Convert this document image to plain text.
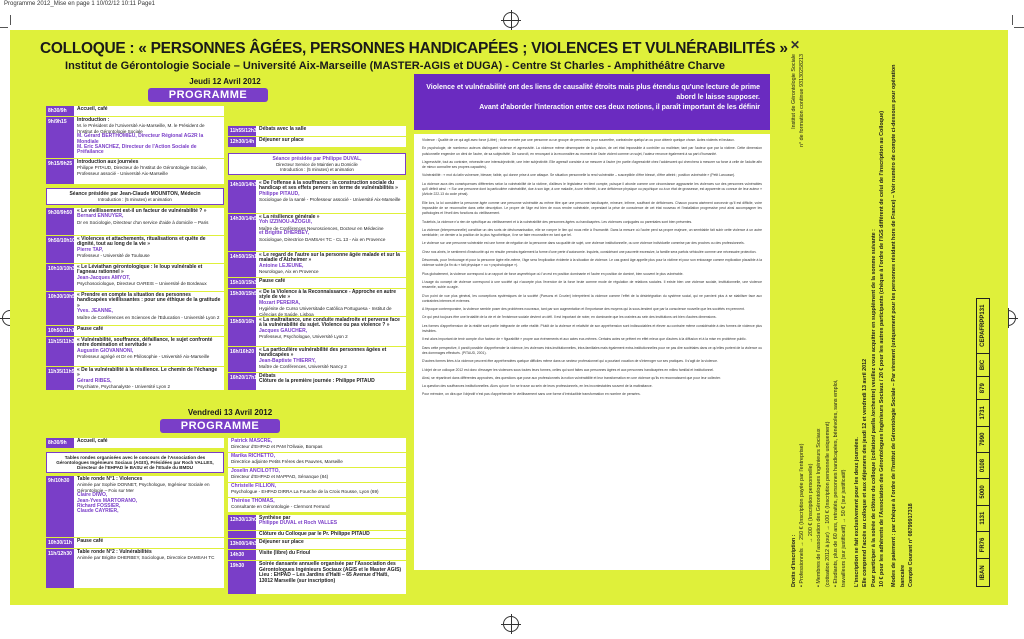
Programme 2012_Mise en page 1 10/02/12 10:11 Page1
COLLOQUE : « PERSONNES ÂGÉES, PERSONNES HANDICAPÉES ; VIOLENCES ET VULNÉRABILITÉS »
Institut de Gérontologie Sociale – Université Aix-Marseille (MASTER-AGIS et DUGA) - Centre St Charles - Amphithéâtre Charve
✕
Jeudi 12 Avril 2012
PROGRAMME
8h30/9h	Accueil, café
9h/9h15	Introduction :
M. le Président de l'Université Aix-Marseille, M. le Président de l'Institut de Gérontologie Sociale
M. Gérard BERTHOMIEU, Directeur Régional AG2R la Mondiale
M. Eric SANCHEZ, Directeur de l'Action Sociale de Préfailance
9h15/9h25 Introduction aux journées
Philippe PITAUD, Directeur de l'Institut de Gérontologie Sociale, Professeur associé - Université Aix-Marseille
Séance présidée par Jean-Claude MOUNITON, Médecin
Introduction : (5 minutes) et animation
9h30/9h50 « Le vieillissement est-il un facteur de vulnérabilité ? »
Bernard ENNUYER,
Dr en Sociologie, Directeur d'un service d'aide à domicile – Paris
9h50/10h10 « Violences et attachements, ritualisations et quête de dignité, tout au long de la vie »
Pierre TAP,
Professeur - Université de Toulouse
10h10/10h30 « Le Léviathan gérontologique : le loup vulnérable et l'agneau rationnel »
Jean-Jacques AMYOT,
Psychosociologue, Directeur OAREIS – Université de Bordeaux
10h30/10h50 « Prendre en compte la situation des personnes handicapées vieillissantes : pour une éthique de la gratitude »
Yves. JEANNE,
Maître de Conférences en Sciences de l'Education - Université Lyon 2
10h50/11h15 Pause café
11h15/11h35 « Vulnérabilité, souffrance, défaillance, le sujet confronté entre domination et servitude »
Augustin GIOVANNONI,
Professeur agrégé et Dr en Philosophie - Université Aix-Marseille
11h35/11h55 « De la vulnérabilité à la résilience. Le chemin de l'échange »
Gérard RIBES,
Psychiatre, Psychanalyste - Université Lyon 2
11h55/12h30 Débats avec la salle
12h30/14h Déjeuner sur place
Séance présidée par Philippe DUVAL,
Directeur Service de Maintien au Domicile
Introduction : (5 minutes) et animation
14h10/14h30 « De l'offense à la souffrance : la construction sociale du handicap et ses effets pervers en terme de vulnérabilités »
Philippe PITAUD,
Sociologue de la santé - Professeur associé - Université Aix-Marseille
14h30/14h50 « La résilience générale »
Yoh IZZINOU-AZOGUI,
Maître de Conférences Neurosciences, Docteur en Médecine
et Brigitte DHERBEY,
Sociologue, Directrice DAMSAH TC - CL 13 - Aix en Provence
14h50/15h10 « Le regard de l'autre sur la personne âgée malade et sur la maladie d'Alzheimer »
Antoine LEJEUNE,
Neurologue, Aix en Provence
15h10/15h30 Pause café
15h30/15h50 « De la Violence à la Reconnaissance - Approche en autre style de vie »
Mozart PEREIRA,
Hygiénite de Curso Universitade Católica Portuguesa - Institut de Ciências de Saúde, Lisboa
15h50/16h « La maltraitance, une conduite maladroite et perverse face à la vulnérabilité du sujet. Violence ou pas violence ? »
Jacques GAUCHER,
Professeur, Psychologue, Université Lyon 2
16h/16h20 « La particulière vulnérabilité des personnes âgées et handicapées »
Jean-Baptiste THIERRY,
Maître de Conférences, Université Nancy 2
16h20/17h15 Débats
Clôture de la première journée : Philippe PITAUD
Vendredi 13 Avril 2012
PROGRAMME
8h30/9h	Accueil, café
Tables rondes organisées avec le concours de l'Association des Gérontologues Ingénieurs Sociaux (AGIS), Présidées par Roch VALLES, Directeur de l'EHPAD le BASU et de l'Etude du BMDU
9h/10h30	Table ronde N°1 : Violences
Animée par Sophie DONNET, Psychologue, Ingénieur Sociale en Gérontologie – Foix sur Mer
Claire DIWO,
Jean-Yves MARTORANO,
Richard FOSSIER,
Claude CAYRIER,
10h30/11h	Pause café
11h/12h30	Table ronde N°2 : Vulnérabilités
Animée par Brigitte DHERBEY, Sociologue, Directrice DAMSAH TC
Patrick MASCRE,
Directeur d'EHPAD et PAM l'Olivaie, Bompas
Marika RICHETTO,
Directrice adjointe Petits Frères des Pauvres, Marseille
Joselin ANCILOTTO,
Directeur d'EHPAD et MAPPAD, Sénanque (84)
Christelle FILLION,
Psychologue - EHPAD DIRRA La Fourche de la Croix Rousse, Lyon (69)
Thérèse THOMAS,
Consultante en Gérontologie - Clermont Ferrand
12h30/13h00 Synthèse par
Philippe DUVAL et Roch VALLES
Clôture du Colloque par le Pr. Philippe PITAUD
13h00/14h30 Déjeuner sur place
14h30	Visite (libre) du Frioul
19h30	Soirée dansante annuelle organisée par l'Association des Gérontologues Ingénieurs Sociaux (AGIS et le Master AGIS)
Lieu : EHPAD – Les Jardins d'Haïti – 65 Avenue d'Haïti, 13012 Marseille (sur inscription)
Violence et vulnérabilité ont des liens de causalité étroits mais plus étendus qu'une lecture de prime abord le laisse supposer.
Avant d'aborder l'interaction entre ces deux notions, il paraît important de les définir

Violence : Qualité de ce qui agit avec force (Littré) ; force exercée par une personne ou un groupe de personnes pour soumettre, contraindre quelqu'un ou pour obtenir quelque chose. Actes violents et brutaux.

En psychologie, de nombreux auteurs distinguent violence et agressivité. La violence même désemparée de la pulsion, de cet état impossible à contrôler ou maîtriser, tant par l'auteur que par la victime. Cette dimension pulsionnelle engendre un déni de l'autre, de sa subjectivité. De surcroît, en renonçant à la reconnaître au moment de l'acte violent comme un sujet, l'auteur renonce également à sa part d'humanité.

L'agressivité, tout au contraire, nécessite une intersubjectivité, une inter subjectivité. Elle agressif consiste à se mesurer à l'autre (en partie d'agressivité chez l'adolescent qui cherchera à mesurer sa force à celle de l'adulte afin de mieux connaître ses propres capacités).

Vulnérabilité : « mot du latin vulnerare, blesser, faible, qui donne prise à une attaque. Se situation personnelle la rend vulnérable – susceptible d'être blessé, d'être atteint ; position vulnérable » (Petit Larousse).

La violence aura des conséquences différentes selon la vulnérabilité de la victime, d'ailleurs le législateur en tient compte, puisque il aborde comme une circonstance aggravante les violences sur des personnes vulnérables qu'il définit ainsi : « Sur une personne dont la particulière vulnérabilité, due à son âge, à une maladie, à une infirmité, à une déficience physique ou psychique ou à un état de grossesse, est apparente ou connue de leur auteur » (Article 222-13 du code pénal).

Elle lors, la loi considère la personne âgée comme une personne vulnérable au même titre que une personne handicapée, mineure, infirme, souffrant de déficiences. Chacun pourra aisément concevoir qu'il est difficile, voire impossible de se reconnaître dans cette description. Le propre de l'âge est bien de nous rendre vulnérable, cependant la prise de conscience de cet état nouveau et l'installation progressive peut ainsi accompagner les pathologies et l'éveil des fonctions du vieillissement.

Toutefois, la violence n'a rien de spécifique au vieillissement et à la vulnérabilité des personnes âgées ou handicapées. Les violences conjugales ou parentales sont bien présentes.

La violence (interpersonnelle) constitue un des sorts de déshumanisation, elle se rompre le lien qui nous relie à l'humanité. Dans la mesure où l'autre perd sa propre majeure, un semblable fait subir cette violence à un autre semblable ; ce dernier a la position de la plus hypothétique, il ne se faire reconnaître en tant que tel.

Le violence sur une personne vulnérable est une forme de négation de la personne dans sa qualité de sujet, une violence institutionnelle, ou une violence individuelle commise par des proches ou des professionnels.

Chez nos aînés, le sentiment d'insécurité qui en résulte prendra également la forme d'une perte d'autonomie. Inquiets, considérant une pauvreté excessive, la famille sera parfois véhiculée comme une nécessaire protection.

Désormais, pour l'entourage et pour la personne âgée elle-même, l'âge sera l'explication évidente à la situation de violence. Le cas grand âge appelle plus pour la victime et pour son entourage comme explication plausible à la violence subie (la fin du « fait physique » ou « psychologique »).

Plus globalement, la violence correspond à un rapport de force asymétrique où l'un est en position dominante et l'autre en position de dominé, bien souvent le plus vulnérable.

L'usage du concept de violence correspond à une société qui n'accepte plus l'exercice de la force brute comme mode de régulation de relations sociales. Il existe bien une violence sociale, institutionnelle, une violence ressentie, subie ou agie.

D'un point de vue plus général, les conceptions systémiques de la société (Parsons et Crozier) interprètent la violence comme l'effet de la désintégration du système social, qui ne parvient plus à se stabiliser face aux contraintes internes et externes.

A l'époque contemporaine, la violence semble poser des problèmes nouveaux, tant par son augmentation et l'importance des moyens qui la sous-tendent que par la conscience nouvelle que les sociétés en prennent.

Ce qui peut toujours être une brutalité de la vie et de l'existence sociale devient un défi. Il est important de noter, en dominante que les craintes au sein des institutions ont bien d'autres dimensions.

Les formes d'appréhension de la réalité sont partie intégrante de cette réalité. Plutôt de la violence et relativité de son appréhension sont indissociables et élever au contraire même considérable à des formes de violence plus invisibles.

Il est alors important de tenir compte d'un facteur de « figurabilité » propre aux événements et aux actes eux-mêmes. Certains actes se prêtent en effet mieux que d'autres à la diffusion et à la mise en problème public.

Dans cette perspective, il paraît possible d'appréhender la violence, les violences intra-institutionnelles, intra-familiales mais également extra-institutionnelles pour ne pas dire sociétales dans ce qu'elles portent de la violence ou des dommages effectués. (PITAUD, 2001).

D'autres formes liées à la violence peuvent être appréhendées quelque difficiles même dans un secteur professionnel qui a pourtant vocation de s'interroger sur ses pratiques. Il s'agit de la violence.

L'objet de ce colloque 2012 est donc d'essayer les violences sous toutes leurs formes, celles qui sont faites aux personnes âgées et aux personnes handicapées en milieu familial et institutionnel.

Ainsi, se répartiront dans différentes approches, des questions que pose aux professionnels la notion vulnérabilité et leur transformation en une violence qu'ils en reconnaissent que pour leur collecter.

La question des souffrances institutionnelles. Alors qu'une l'on se trouve au sein de leurs professionnels, en les incontestables souvent de la maltraitance.

Pour mémoire, on dira que l'objectif n'est pas d'appréhender le vieillissement sans une forme d'irréductible transformation en nombre de pensées.

Institut de Gérontologie Sociale n° de formation continue 93130258213
Droits d'inscription : • Professionnels → 250 € (Inscription payée par l'entreprise) → 200 € (Inscription personnelle) • Membres de l'association des Gérontologues Ingénieurs Sociaux (cotisation 2012 à jour) → 100 € (Inscription personnelle uniquement) • Etudiants, plus de 60 ans, retraités, personnes handicapées, bénévoles, sans emploi, travailleurs (sur justificatif) → 50 € (sur justificatif) L'inscription se fait exclusivement pour les deux journées. Elle comprend l'accès au colloque et aux déjeuners des jeudi 12 et vendredi 13 avril 2012 Pour participer à la soirée de clôture du colloque (collation/ paella /orchestre) veuillez vous acquitter en supplément de la somme suivante : 10 € pour les adhérents de l'Association des Gérontologues Ingénieurs Sociaux / 20 € pour les autres participants (chèque à l'ordre de l'IGS différent de celui de l'inscription au Colloque) Modes de paiement : par chèque à l'ordre de l'Institut de Gérontologie Sociale – Par virement (uniquement pour les personnes résidant hors de France) – Voir numéro de compte ci-dessous pour opération bancaire Compte Courant n° 08799917318	IBAN
FR76
1131
5000
0108
7990
1731
879
BIC
CEPAFRPP131
